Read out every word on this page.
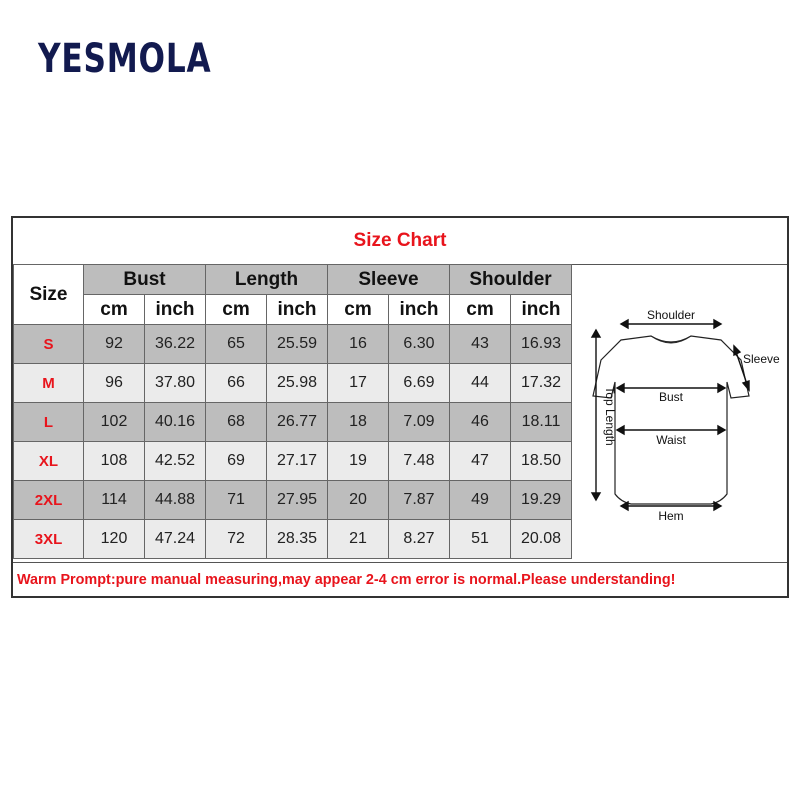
YESMOLA
Size Chart
Size	Bust		Length		Sleeve		Shoulder	
	cm	inch	cm	inch	cm	inch	cm	inch
S	92	36.22	65	25.59	16	6.30	43	16.93
M	96	37.80	66	25.98	17	6.69	44	17.32
L	102	40.16	68	26.77	18	7.09	46	18.11
XL	108	42.52	69	27.17	19	7.48	47	18.50
2XL	114	44.88	71	27.95	20	7.87	49	19.29
3XL	120	47.24	72	28.35	21	8.27	51	20.08
Shoulder
Sleeve
Top Length	Bust
Waist
Hem
Warm Prompt:pure manual measuring,may appear 2-4 cm error is normal.Please understanding!
